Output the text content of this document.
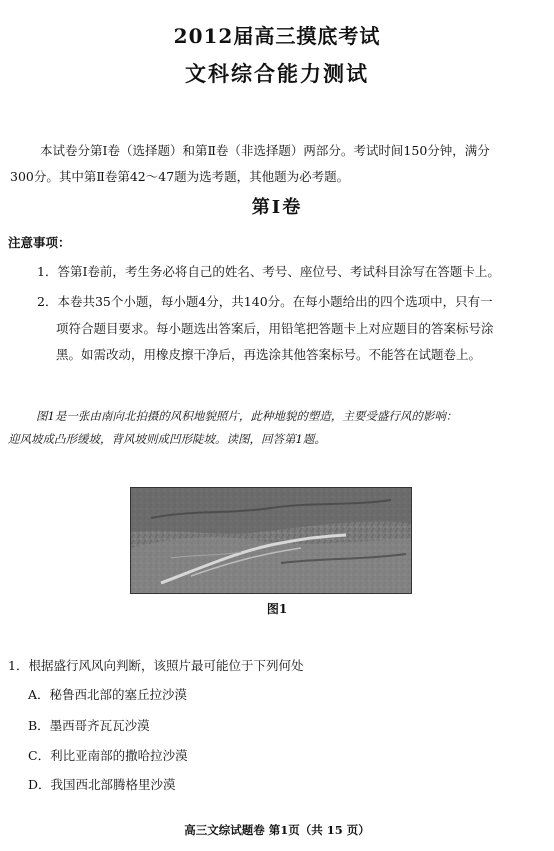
2012届高三摸底考试
文科综合能力测试
本试卷分第Ⅰ卷（选择题）和第Ⅱ卷（非选择题）两部分。考试时间150分钟，满分
300分。其中第Ⅱ卷第42～47题为选考题，其他题为必考题。
第Ⅰ卷
注意事项：
1．答第Ⅰ卷前，考生务必将自己的姓名、考号、座位号、考试科目涂写在答题卡上。
2．本卷共35个小题，每小题4分，共140分。在每小题给出的四个选项中，只有一
项符合题目要求。每小题选出答案后，用铅笔把答题卡上对应题目的答案标号涂
黑。如需改动，用橡皮擦干净后，再选涂其他答案标号。不能答在试题卷上。
图1是一张由南向北拍摄的风积地貌照片，此种地貌的塑造，主要受盛行风的影响：
迎风坡成凸形缓坡，背风坡则成凹形陡坡。读图，回答第1题。
图1
1．根据盛行风风向判断，该照片最可能位于下列何处
A．秘鲁西北部的塞丘拉沙漠
B．墨西哥齐瓦瓦沙漠
C．利比亚南部的撒哈拉沙漠
D．我国西北部腾格里沙漠
高三文综试题卷 第1页（共 15 页）
